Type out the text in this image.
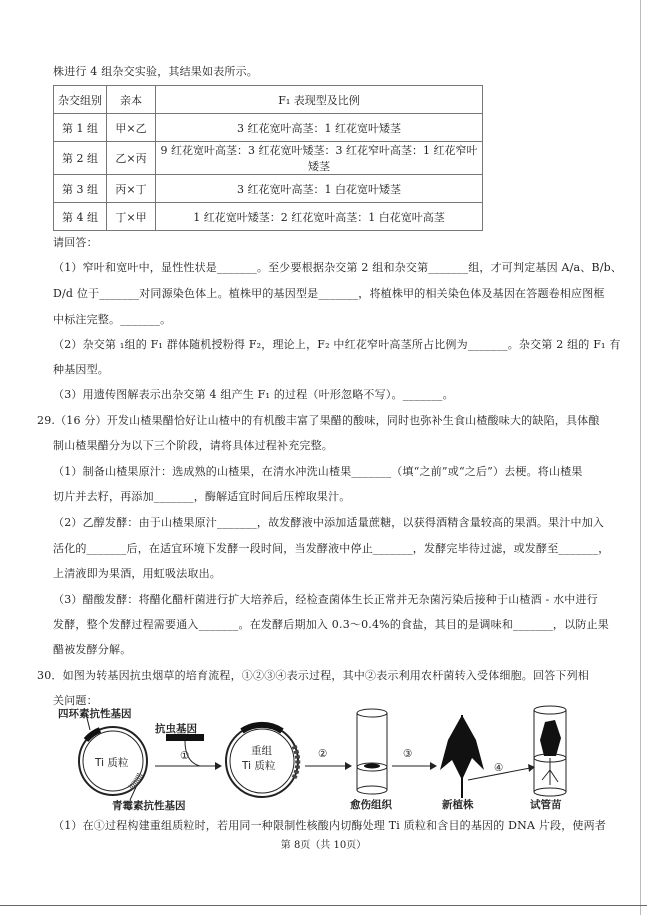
株进行 4 组杂交实验，其结果如表所示。
杂交组别	亲本	F₁ 表现型及比例
第 1 组	甲×乙	3 红花宽叶高茎：1 红花宽叶矮茎
第 2 组	乙×丙	9 红花宽叶高茎：3 红花宽叶矮茎：3 红花窄叶高茎：1 红花窄叶矮茎
第 3 组	丙×丁	3 红花宽叶高茎：1 白花宽叶矮茎
第 4 组	丁×甲	1 红花宽叶矮茎：2 红花宽叶高茎：1 白花宽叶高茎
请回答：
（1）窄叶和宽叶中，显性性状是_______。至少要根据杂交第 2 组和杂交第_______组，才可判定基因 A/a、B/b、
D/d 位于_______对同源染色体上。植株甲的基因型是_______，将植株甲的相关染色体及基因在答题卷相应图框
中标注完整。_______。
（2）杂交第 ₁组的 F₁ 群体随机授粉得 F₂，理论上，F₂ 中红花窄叶高茎所占比例为_______。杂交第 2 组的 F₁ 有
种基因型。
（3）用遗传图解表示出杂交第 4 组产生 F₁ 的过程（叶形忽略不写）。_______。
29.（16 分）开发山楂果醋恰好让山楂中的有机酸丰富了果醋的酸味，同时也弥补生食山楂酸味大的缺陷，具体酿
制山楂果醋分为以下三个阶段，请将具体过程补充完整。
（1）制备山楂果原汁：选成熟的山楂果，在清水冲洗山楂果_______（填“之前”或“之后”）去梗。将山楂果
切片并去籽，再添加_______，酶解适宜时间后压榨取果汁。
（2）乙醇发酵：由于山楂果原汁_______，故发酵液中添加适量蔗糖，以获得酒精含量较高的果酒。果汁中加入
活化的_______后，在适宜环境下发酵一段时间，当发酵液中停止_______，发酵完毕待过滤，或发酵至_______，
上清液即为果酒，用虹吸法取出。
（3）醋酸发酵：将醋化醋杆菌进行扩大培养后，经检查菌体生长正常并无杂菌污染后接种于山楂酒 - 水中进行
发酵，整个发酵过程需要通入_______。在发酵后期加入 0.3～0.4%的食盐，其目的是调味和_______，以防止果
醋被发酵分解。
30．如图为转基因抗虫烟草的培育流程，①②③④表示过程，其中②表示利用农杆菌转入受体细胞。回答下列相
关问题：
四环素抗性基因
抗虫基因
Ti 质粒
青霉素抗性基因
①	重组
Ti 质粒
②	③
④
愈伤组织	新植株	试管苗
（1）在①过程构建重组质粒时，若用同一种限制性核酸内切酶处理 Ti 质粒和含目的基因的 DNA 片段，使两者
第 8页（共 10页）
